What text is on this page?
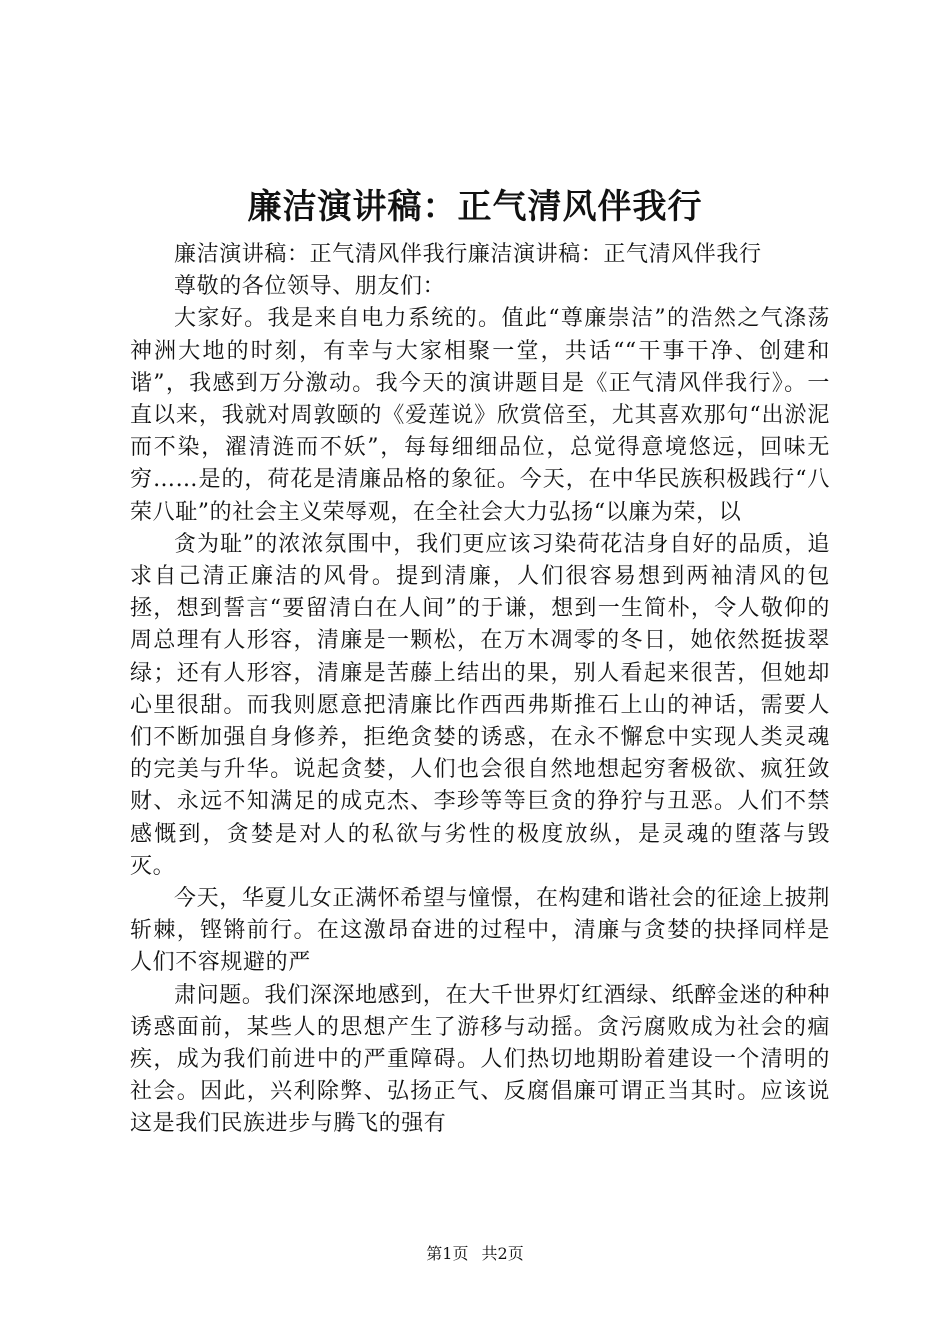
廉洁演讲稿：正气清风伴我行

廉洁演讲稿：正气清风伴我行廉洁演讲稿：正气清风伴我行

尊敬的各位领导、朋友们：

大家好。我是来自电力系统的。值此“尊廉崇洁”的浩然之气涤荡神洲大地的时刻，有幸与大家相聚一堂，共话““干事干净、创建和谐”，我感到万分激动。我今天的演讲题目是《正气清风伴我行》。一直以来，我就对周敦颐的《爱莲说》欣赏倍至，尤其喜欢那句“出淤泥而不染，濯清涟而不妖”，每每细细品位，总觉得意境悠远，回味无穷……是的，荷花是清廉品格的象征。今天，在中华民族积极践行“八荣八耻”的社会主义荣辱观，在全社会大力弘扬“以廉为荣，以

贪为耻”的浓浓氛围中，我们更应该习染荷花洁身自好的品质，追求自己清正廉洁的风骨。提到清廉，人们很容易想到两袖清风的包拯，想到誓言“要留清白在人间”的于谦，想到一生简朴，令人敬仰的周总理有人形容，清廉是一颗松，在万木凋零的冬日，她依然挺拔翠绿；还有人形容，清廉是苦藤上结出的果，别人看起来很苦，但她却心里很甜。而我则愿意把清廉比作西西弗斯推石上山的神话，需要人们不断加强自身修养，拒绝贪婪的诱惑，在永不懈怠中实现人类灵魂的完美与升华。说起贪婪，人们也会很自然地想起穷奢极欲、疯狂敛财、永远不知满足的成克杰、李珍等等巨贪的狰狞与丑恶。人们不禁感慨到，贪婪是对人的私欲与劣性的极度放纵，是灵魂的堕落与毁灭。

今天，华夏儿女正满怀希望与憧憬，在构建和谐社会的征途上披荆斩棘，铿锵前行。在这激昂奋进的过程中，清廉与贪婪的抉择同样是人们不容规避的严

肃问题。我们深深地感到，在大千世界灯红酒绿、纸醉金迷的种种诱惑面前，某些人的思想产生了游移与动摇。贪污腐败成为社会的痼疾，成为我们前进中的严重障碍。人们热切地期盼着建设一个清明的社会。因此，兴利除弊、弘扬正气、反腐倡廉可谓正当其时。应该说这是我们民族进步与腾飞的强有

第1页 共2页
